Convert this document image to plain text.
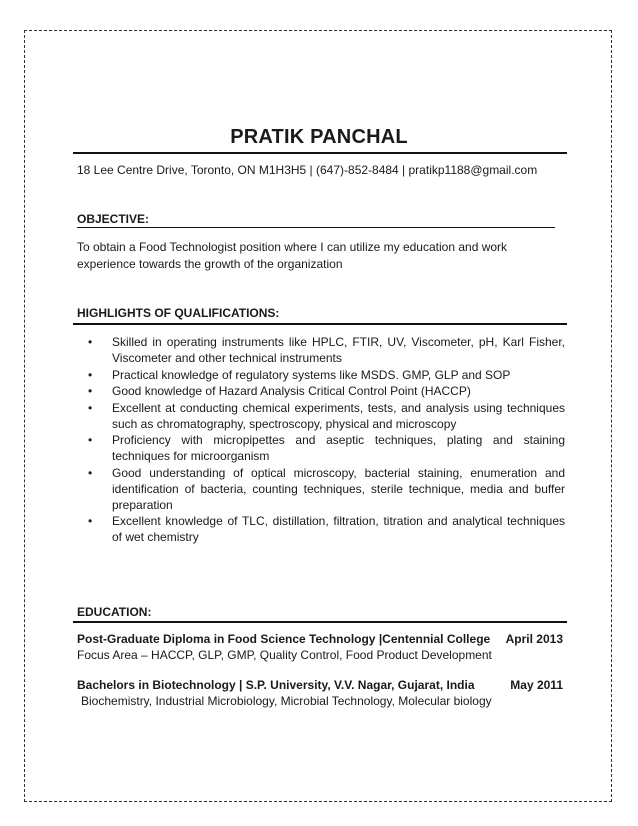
PRATIK PANCHAL
18 Lee Centre Drive, Toronto, ON M1H3H5 | (647)-852-8484 | pratikp1188@gmail.com
OBJECTIVE:
To obtain a Food Technologist position where I can utilize my education and work experience towards the growth of the organization
HIGHLIGHTS OF QUALIFICATIONS:
• Skilled in operating instruments like HPLC, FTIR, UV, Viscometer, pH, Karl Fisher, Viscometer and other technical instruments
• Practical knowledge of regulatory systems like MSDS. GMP, GLP and SOP
• Good knowledge of Hazard Analysis Critical Control Point (HACCP)
• Excellent at conducting chemical experiments, tests, and analysis using techniques such as chromatography, spectroscopy, physical and microscopy
• Proficiency with micropipettes and aseptic techniques, plating and staining techniques for microorganism
• Good understanding of optical microscopy, bacterial staining, enumeration and identification of bacteria, counting techniques, sterile technique, media and buffer preparation
• Excellent knowledge of TLC, distillation, filtration, titration and analytical techniques of wet chemistry
EDUCATION:
Post-Graduate Diploma in Food Science Technology |Centennial College April 2013
Focus Area – HACCP, GLP, GMP, Quality Control, Food Product Development
Bachelors in Biotechnology | S.P. University, V.V. Nagar, Gujarat, India	May 2011
Biochemistry, Industrial Microbiology, Microbial Technology, Molecular biology
